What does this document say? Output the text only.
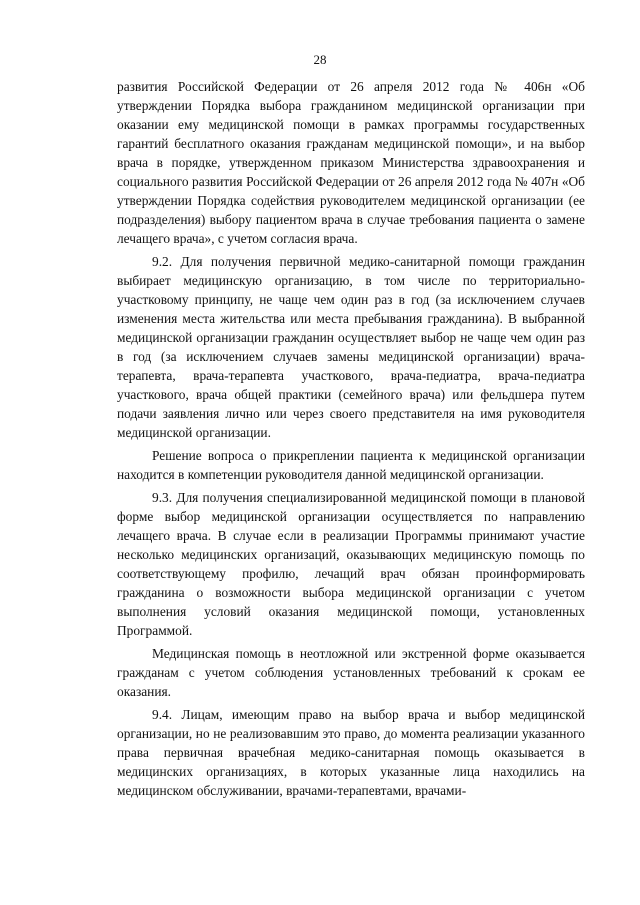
28

развития Российской Федерации от 26 апреля 2012 года № 406н «Об утверждении Порядка выбора гражданином медицинской организации при оказании ему медицинской помощи в рамках программы государственных гарантий бесплатного оказания гражданам медицинской помощи», и на выбор врача в порядке, утвержденном приказом Министерства здравоохранения и социального развития Российской Федерации от 26 апреля 2012 года № 407н «Об утверждении Порядка содействия руководителем медицинской организации (ее подразделения) выбору пациентом врача в случае требования пациента о замене лечащего врача», с учетом согласия врача.

9.2. Для получения первичной медико-санитарной помощи гражданин выбирает медицинскую организацию, в том числе по территориально-участковому принципу, не чаще чем один раз в год (за исключением случаев изменения места жительства или места пребывания гражданина). В выбранной медицинской организации гражданин осуществляет выбор не чаще чем один раз в год (за исключением случаев замены медицинской организации) врача-терапевта, врача-терапевта участкового, врача-педиатра, врача-педиатра участкового, врача общей практики (семейного врача) или фельдшера путем подачи заявления лично или через своего представителя на имя руководителя медицинской организации.

Решение вопроса о прикреплении пациента к медицинской организации находится в компетенции руководителя данной медицинской организации.

9.3. Для получения специализированной медицинской помощи в плановой форме выбор медицинской организации осуществляется по направлению лечащего врача. В случае если в реализации Программы принимают участие несколько медицинских организаций, оказывающих медицинскую помощь по соответствующему профилю, лечащий врач обязан проинформировать гражданина о возможности выбора медицинской организации с учетом выполнения условий оказания медицинской помощи, установленных Программой.

Медицинская помощь в неотложной или экстренной форме оказывается гражданам с учетом соблюдения установленных требований к срокам ее оказания.

9.4. Лицам, имеющим право на выбор врача и выбор медицинской организации, но не реализовавшим это право, до момента реализации указанного права первичная врачебная медико-санитарная помощь оказывается в медицинских организациях, в которых указанные лица находились на медицинском обслуживании, врачами-терапевтами, врачами-
